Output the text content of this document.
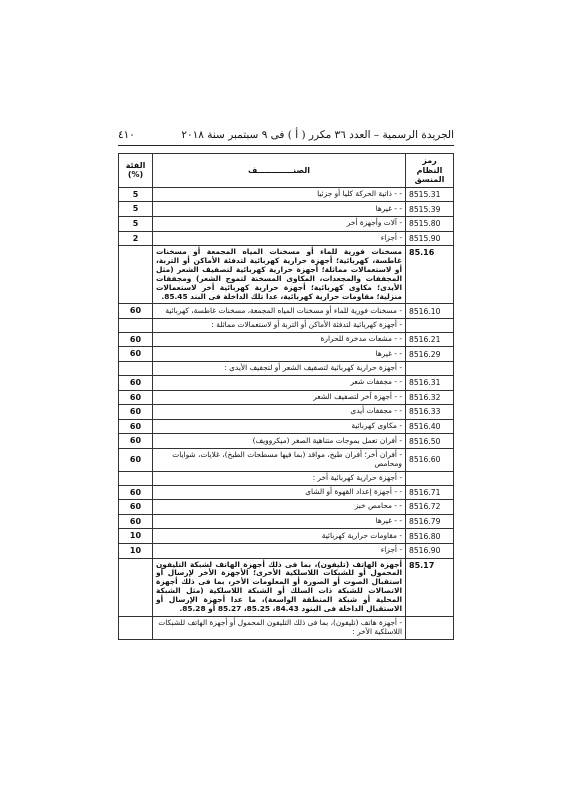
الجريدة الرسمية – العدد ٣٦ مكرر ( أ ) فى ٩ سبتمبر سنة ٢٠١٨
٤١٠
رمز النظام
المنسق	الصنـــــــــــــف	الفئة
(%)

8515.31	- - ذاتية الحركة كليا أو جزئيا	5
8515.39	- - غيرها	5
8515.80	- آلات وأجهزة أخر	5
8515.90	- أجزاء	2
85.16	مسخنات فورية للماء أو مسخنات المياه المجمعة أو مسخنات غاطسة، كهربائية؛ أجهزة حرارية كهربائية لتدفئة الأماكن أو التربة، أو لاستعمالات مماثلة؛ أجهزة حرارية كهربائية لتصفيف الشعر (مثل المجففات والمجعدات، المكاوى المسخنة لتموج الشعر) ومجففات الأيدى؛ مكاوى كهربائية؛ أجهزة حرارية كهربائية أخر لاستعمالات منزلية؛ مقاومات حرارية كهربائية، عدا تلك الداخلة فى البند 85.45.	
8516.10	- مسخنات فورية للماء أو مسخنات المياه المجمعة، مسخنات غاطسة، كهربائية	60
	- أجهزة كهربائية لتدفئة الأماكن أو التربة أو لاستعمالات مماثلة :	
8516.21	- - مشعات مدخرة للحرارة	60
8516.29	- - غيرها	60
	- أجهزة حرارية كهربائية لتصفيف الشعر أو لتجفيف الأيدى :	
8516.31	- - مجففات شعر	60
8516.32	- - أجهزة أخر لتصفيف الشعر	60
8516.33	- - مجففات أيدى	60
8516.40	- مكاوى كهربائية	60
8516.50	- أفران تعمل بموجات متناهية الصغر (ميكروويف)	60
8516.60	- أفران أخر؛ أفران طبخ، مواقد (بما فيها مسطحات الطبخ)، غلايات، شوايات ومحامص	60
	- أجهزة حرارية كهربائية أخر :	
8516.71	- - أجهزة إعداد القهوة أو الشاى	60
8516.72	- - محامص خبز	60
8516.79	- - غيرها	60
8516.80	- مقاومات حرارية كهربائية	10
8516.90	- أجزاء	10
85.17	أجهزة الهاتف (تليفون)، بما فى ذلك أجهزة الهاتف لشبكة التليفون المحمول أو للشبكات اللاسلكية الأخرى؛ الأجهزة الأخر لإرسال أو استقبال الصوت أو الصورة أو المعلومات الأخر، بما فى ذلك أجهزة الاتصالات للشبكة ذات السلك أو الشبكة اللاسلكية (مثل الشبكة المحلية أو شبكة المنطقة الواسعة)، ما عدا أجهزة الإرسال أو الاستقبال الداخلة فى البنود 84.43، 85.25، 85.27 أو 85.28.	
	- أجهزة هاتف (تليفون)، بما فى ذلك التليفون المحمول أو أجهزة الهاتف للشبكات اللاسلكية الأخر :	
